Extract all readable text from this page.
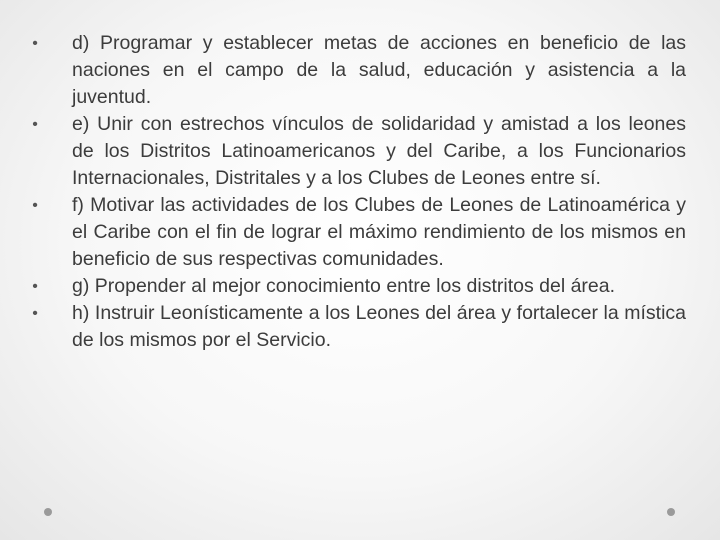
• d) Programar y establecer metas de acciones en beneficio de las naciones en el campo de la salud, educación y asistencia a la juventud.
• e) Unir con estrechos vínculos de solidaridad y amistad a los leones de los Distritos Latinoamericanos y del Caribe, a los Funcionarios Internacionales, Distritales y a los Clubes de Leones entre sí.
• f) Motivar las actividades de los Clubes de Leones de Latinoamérica y el Caribe con el fin de lograr el máximo rendimiento de los mismos en beneficio de sus respectivas comunidades.
• g) Propender al mejor conocimiento entre los distritos del área.
• h) Instruir Leonísticamente a los Leones del área y fortalecer la mística de los mismos por el Servicio.
